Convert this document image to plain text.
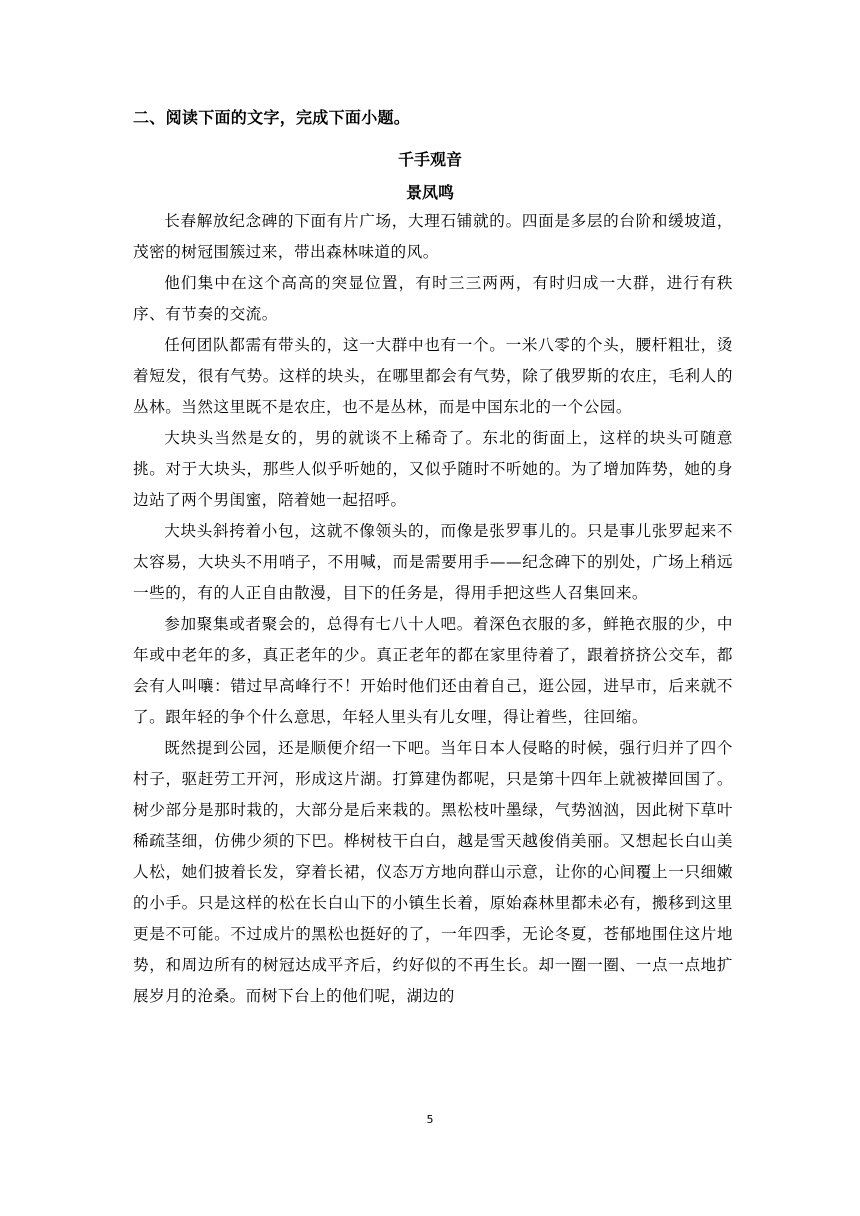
二、阅读下面的文字，完成下面小题。
千手观音
景凤鸣

长春解放纪念碑的下面有片广场，大理石铺就的。四面是多层的台阶和缓坡道，茂密的树冠围簇过来，带出森林味道的风。

他们集中在这个高高的突显位置，有时三三两两，有时归成一大群，进行有秩序、有节奏的交流。

任何团队都需有带头的，这一大群中也有一个。一米八零的个头，腰杆粗壮，烫着短发，很有气势。这样的块头，在哪里都会有气势，除了俄罗斯的农庄，毛利人的丛林。当然这里既不是农庄，也不是丛林，而是中国东北的一个公园。

大块头当然是女的，男的就谈不上稀奇了。东北的街面上，这样的块头可随意挑。对于大块头，那些人似乎听她的，又似乎随时不听她的。为了增加阵势，她的身边站了两个男闺蜜，陪着她一起招呼。

大块头斜挎着小包，这就不像领头的，而像是张罗事儿的。只是事儿张罗起来不太容易，大块头不用哨子，不用喊，而是需要用手——纪念碑下的别处，广场上稍远一些的，有的人正自由散漫，目下的任务是，得用手把这些人召集回来。

参加聚集或者聚会的，总得有七八十人吧。着深色衣服的多，鲜艳衣服的少，中年或中老年的多，真正老年的少。真正老年的都在家里待着了，跟着挤挤公交车，都会有人叫嚷：错过早高峰行不！开始时他们还由着自己，逛公园，进早市，后来就不了。跟年轻的争个什么意思，年轻人里头有儿女哩，得让着些，往回缩。

既然提到公园，还是顺便介绍一下吧。当年日本人侵略的时候，强行归并了四个村子，驱赶劳工开河，形成这片湖。打算建伪都呢，只是第十四年上就被撵回国了。树少部分是那时栽的，大部分是后来栽的。黑松枝叶墨绿，气势汹汹，因此树下草叶稀疏茎细，仿佛少须的下巴。桦树枝干白白，越是雪天越俊俏美丽。又想起长白山美人松，她们披着长发，穿着长裙，仪态万方地向群山示意，让你的心间覆上一只细嫩的小手。只是这样的松在长白山下的小镇生长着，原始森林里都未必有，搬移到这里更是不可能。不过成片的黑松也挺好的了，一年四季，无论冬夏，苍郁地围住这片地势，和周边所有的树冠达成平齐后，约好似的不再生长。却一圈一圈、一点一点地扩展岁月的沧桑。而树下台上的他们呢，湖边的

5
